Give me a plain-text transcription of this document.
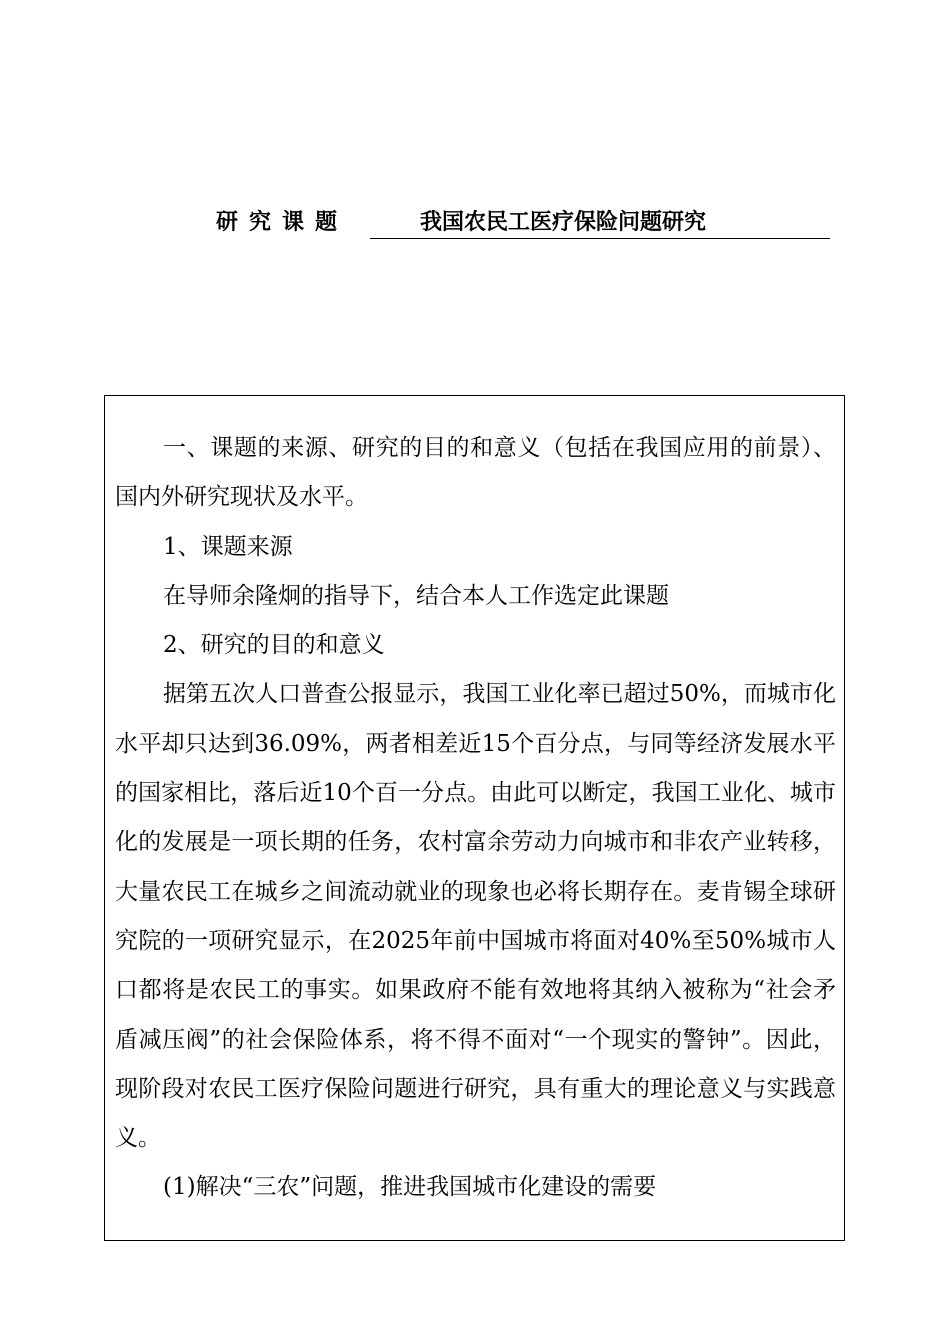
研究课题	我国农民工医疗保险问题研究

一、课题的来源、研究的目的和意义（包括在我国应用的前景）、国内外研究现状及水平。

1、课题来源

在导师余隆炯的指导下，结合本人工作选定此课题

2、研究的目的和意义

据第五次人口普查公报显示，我国工业化率已超过50%，而城市化水平却只达到36.09%，两者相差近15个百分点，与同等经济发展水平的国家相比，落后近10个百一分点。由此可以断定，我国工业化、城市化的发展是一项长期的任务，农村富余劳动力向城市和非农产业转移，大量农民工在城乡之间流动就业的现象也必将长期存在。麦肯锡全球研究院的一项研究显示，在2025年前中国城市将面对40%至50%城市人口都将是农民工的事实。如果政府不能有效地将其纳入被称为“社会矛盾减压阀”的社会保险体系，将不得不面对“一个现实的警钟”。因此，现阶段对农民工医疗保险问题进行研究，具有重大的理论意义与实践意义。

(1)解决“三农”问题，推进我国城市化建设的需要
